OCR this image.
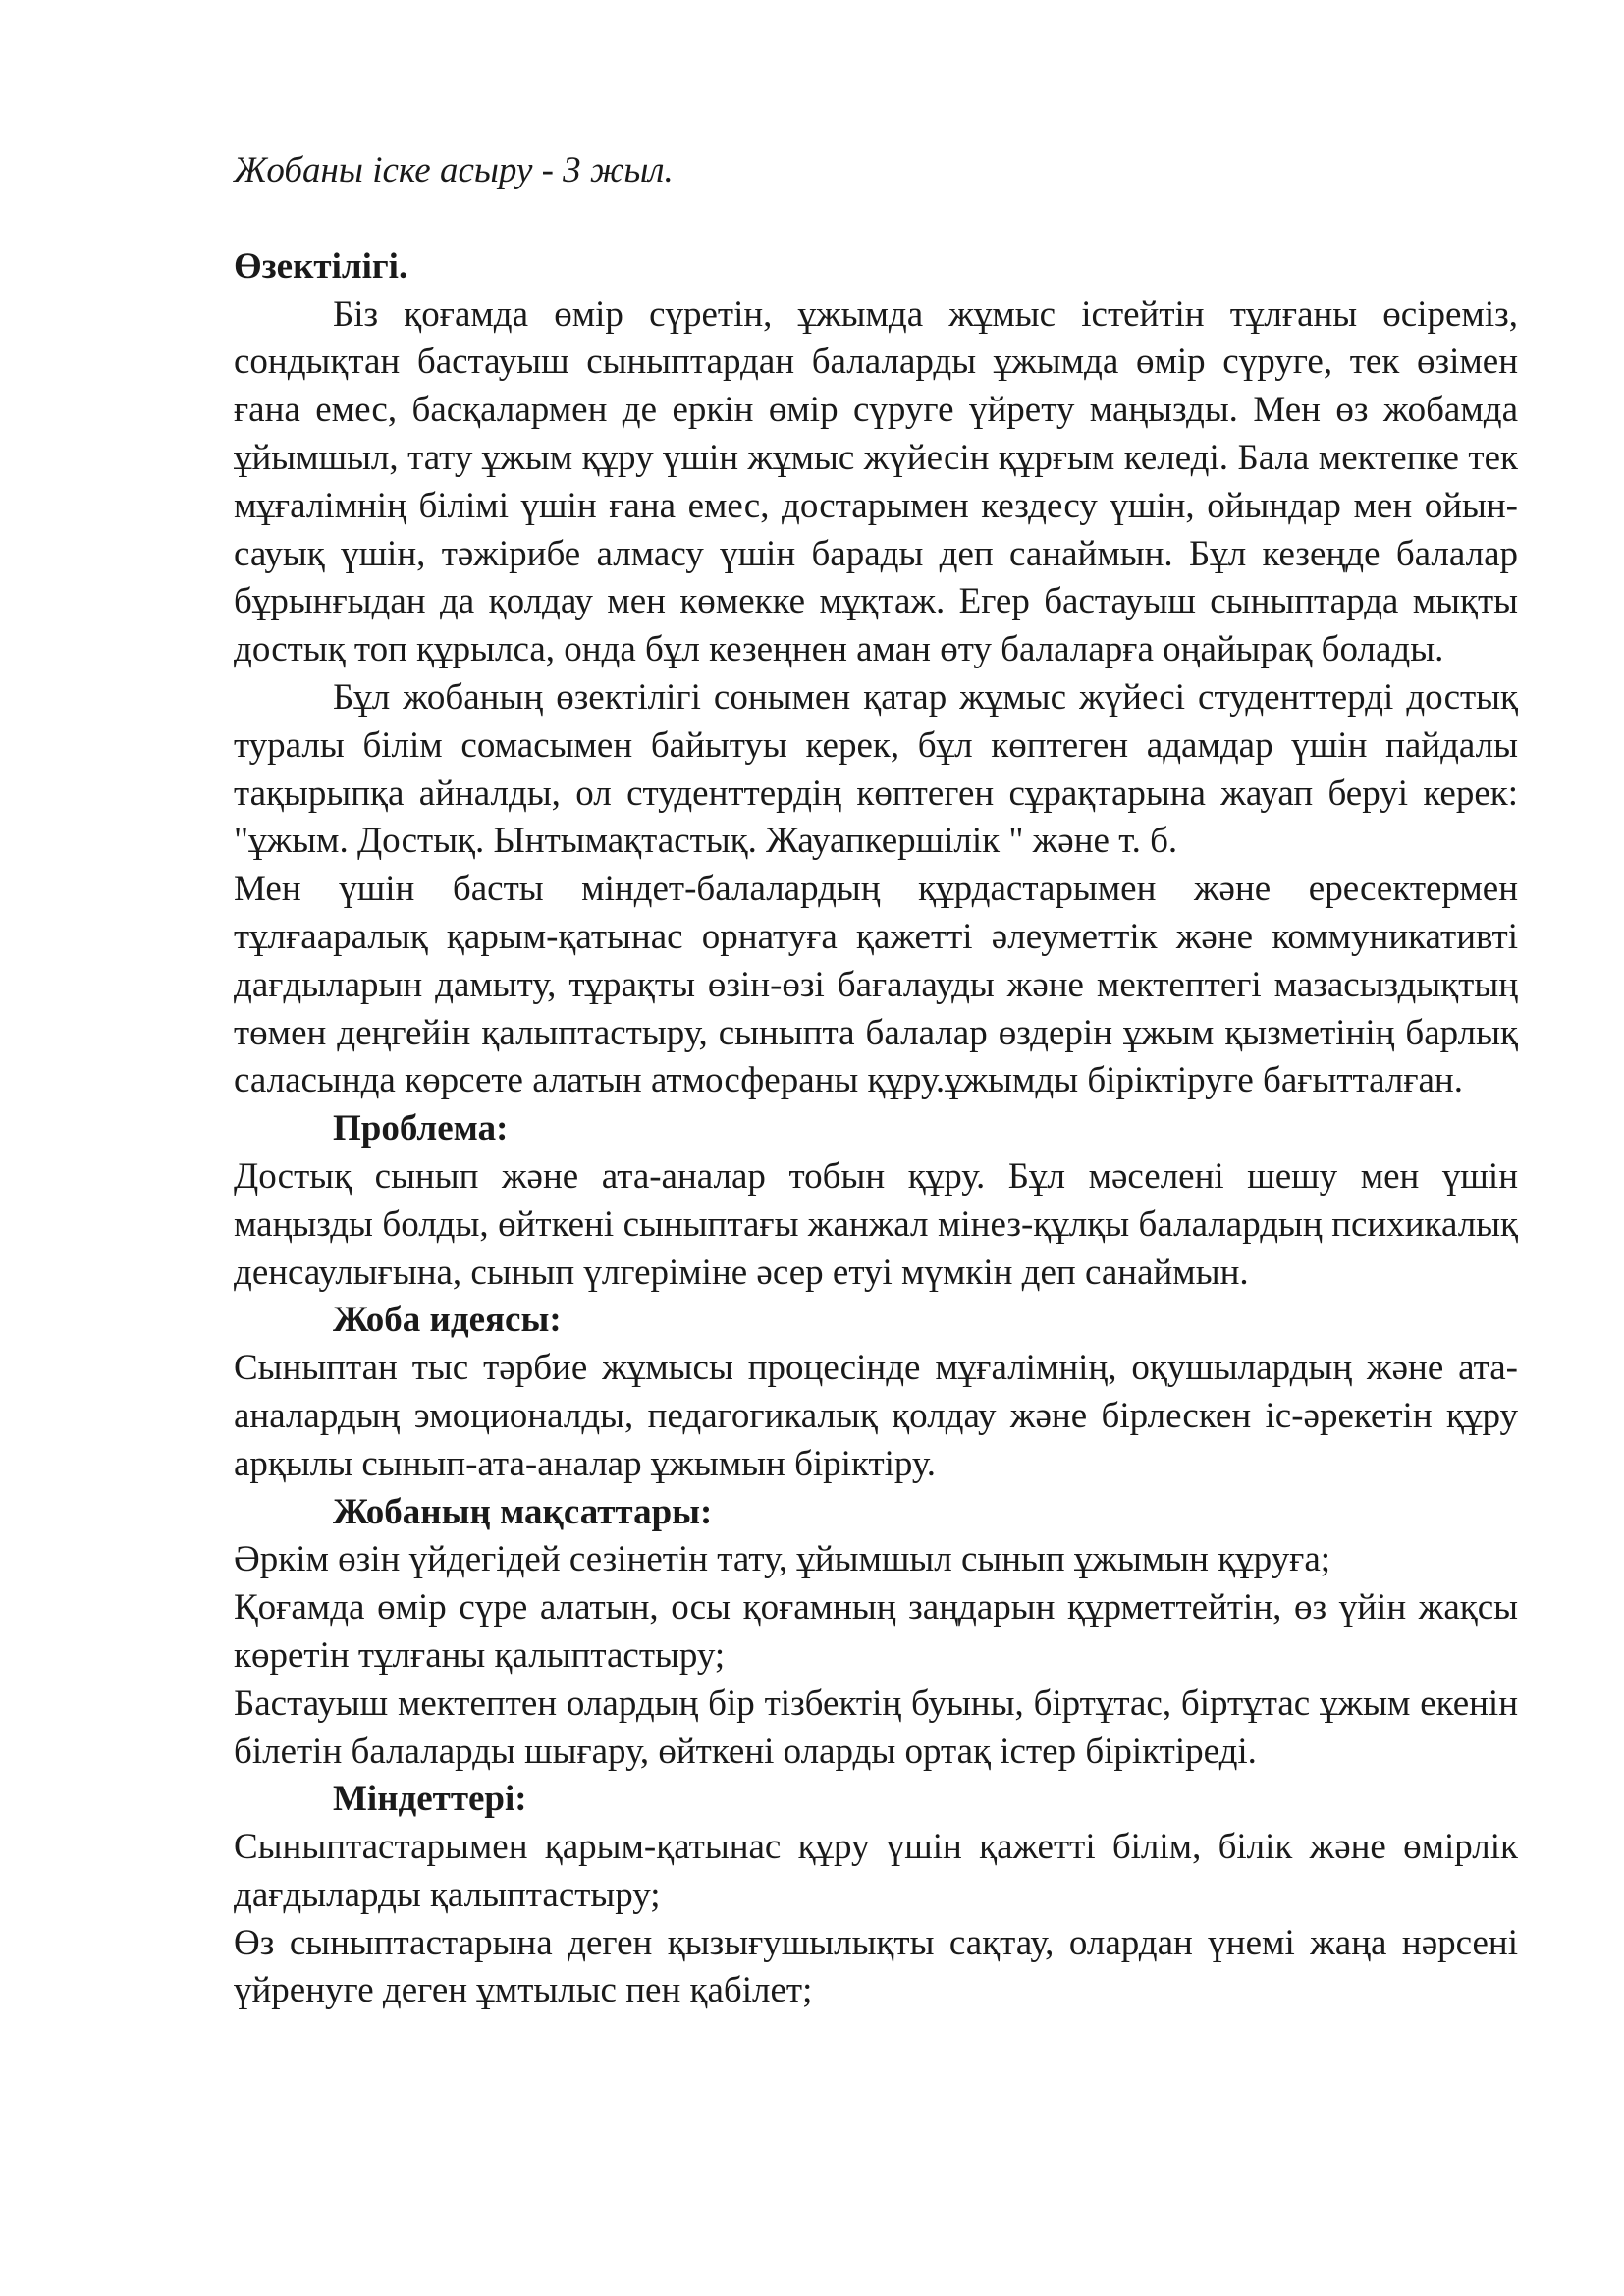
Жобаны іске асыру - 3 жыл.

Өзектілігі.

Біз қоғамда өмір сүретін, ұжымда жұмыс істейтін тұлғаны өсіреміз, сондықтан бастауыш сыныптардан балаларды ұжымда өмір сүруге, тек өзімен ғана емес, басқалармен де еркін өмір сүруге үйрету маңызды. Мен өз жобамда ұйымшыл, тату ұжым құру үшін жұмыс жүйесін құрғым келеді. Бала мектепке тек мұғалімнің білімі үшін ғана емес, достарымен кездесу үшін, ойындар мен ойын-сауық үшін, тәжірибе алмасу үшін барады деп санаймын. Бұл кезеңде балалар бұрынғыдан да қолдау мен көмекке мұқтаж. Егер бастауыш сыныптарда мықты достық топ құрылса, онда бұл кезеңнен аман өту балаларға оңайырақ болады.

Бұл жобаның өзектілігі сонымен қатар жұмыс жүйесі студенттерді достық туралы білім сомасымен байытуы керек, бұл көптеген адамдар үшін пайдалы тақырыпқа айналды, ол студенттердің көптеген сұрақтарына жауап беруі керек: "ұжым. Достық. Ынтымақтастық. Жауапкершілік " және т. б.

Мен үшін басты міндет-балалардың құрдастарымен және ересектермен тұлғааралық қарым-қатынас орнатуға қажетті әлеуметтік және коммуникативті дағдыларын дамыту, тұрақты өзін-өзі бағалауды және мектептегі мазасыздықтың төмен деңгейін қалыптастыру, сыныпта балалар өздерін ұжым қызметінің барлық саласында көрсете алатын атмосфераны құру.ұжымды біріктіруге бағытталған.

Проблема:

Достық сынып және ата-аналар тобын құру. Бұл мәселені шешу мен үшін маңызды болды, өйткені сыныптағы жанжал мінез-құлқы балалардың психикалық денсаулығына, сынып үлгеріміне әсер етуі мүмкін деп санаймын.

Жоба идеясы:

Сыныптан тыс тәрбие жұмысы процесінде мұғалімнің, оқушылардың және ата-аналардың эмоционалды, педагогикалық қолдау және бірлескен іс-әрекетін құру арқылы сынып-ата-аналар ұжымын біріктіру.

Жобаның мақсаттары:

Әркім өзін үйдегідей сезінетін тату, ұйымшыл сынып ұжымын құруға;

Қоғамда өмір сүре алатын, осы қоғамның заңдарын құрметтейтін, өз үйін жақсы көретін тұлғаны қалыптастыру;

Бастауыш мектептен олардың бір тізбектің буыны, біртұтас, біртұтас ұжым екенін білетін балаларды шығару, өйткені оларды ортақ істер біріктіреді.

Міндеттері:

Сыныптастарымен қарым-қатынас құру үшін қажетті білім, білік және өмірлік дағдыларды қалыптастыру;

Өз сыныптастарына деген қызығушылықты сақтау, олардан үнемі жаңа нәрсені үйренуге деген ұмтылыс пен қабілет;
